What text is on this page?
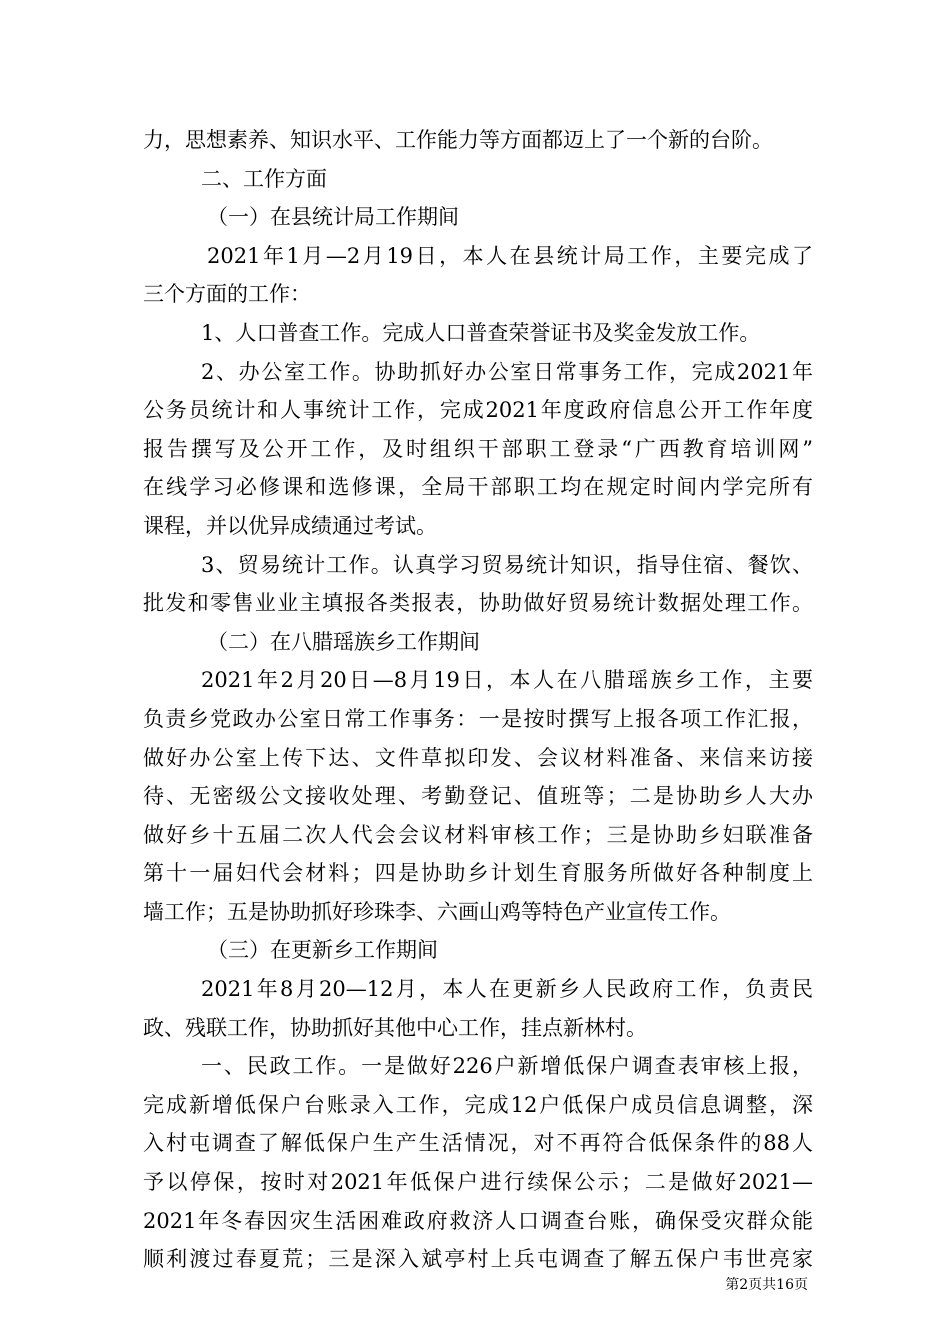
力，思想素养、知识水平、工作能力等方面都迈上了一个新的台阶。
二、工作方面
（一）在县统计局工作期间
2021年1月—2月19日，本人在县统计局工作，主要完成了
三个方面的工作：
1、人口普查工作。完成人口普查荣誉证书及奖金发放工作。
2、办公室工作。协助抓好办公室日常事务工作，完成2021年
公务员统计和人事统计工作，完成2021年度政府信息公开工作年度
报告撰写及公开工作，及时组织干部职工登录“广西教育培训网”
在线学习必修课和选修课，全局干部职工均在规定时间内学完所有
课程，并以优异成绩通过考试。
3、贸易统计工作。认真学习贸易统计知识，指导住宿、餐饮、
批发和零售业业主填报各类报表，协助做好贸易统计数据处理工作。
（二）在八腊瑶族乡工作期间
2021年2月20日—8月19日，本人在八腊瑶族乡工作，主要
负责乡党政办公室日常工作事务：一是按时撰写上报各项工作汇报，
做好办公室上传下达、文件草拟印发、会议材料准备、来信来访接
待、无密级公文接收处理、考勤登记、值班等；二是协助乡人大办
做好乡十五届二次人代会会议材料审核工作；三是协助乡妇联准备
第十一届妇代会材料；四是协助乡计划生育服务所做好各种制度上
墙工作；五是协助抓好珍珠李、六画山鸡等特色产业宣传工作。
（三）在更新乡工作期间
2021年8月20—12月，本人在更新乡人民政府工作，负责民
政、残联工作，协助抓好其他中心工作，挂点新林村。
一、民政工作。一是做好226户新增低保户调查表审核上报，
完成新增低保户台账录入工作，完成12户低保户成员信息调整，深
入村屯调查了解低保户生产生活情况，对不再符合低保条件的88人
予以停保，按时对2021年低保户进行续保公示；二是做好2021—
2021年冬春因灾生活困难政府救济人口调查台账，确保受灾群众能
顺利渡过春夏荒；三是深入斌亭村上兵屯调查了解五保户韦世亮家
第2页共16页
